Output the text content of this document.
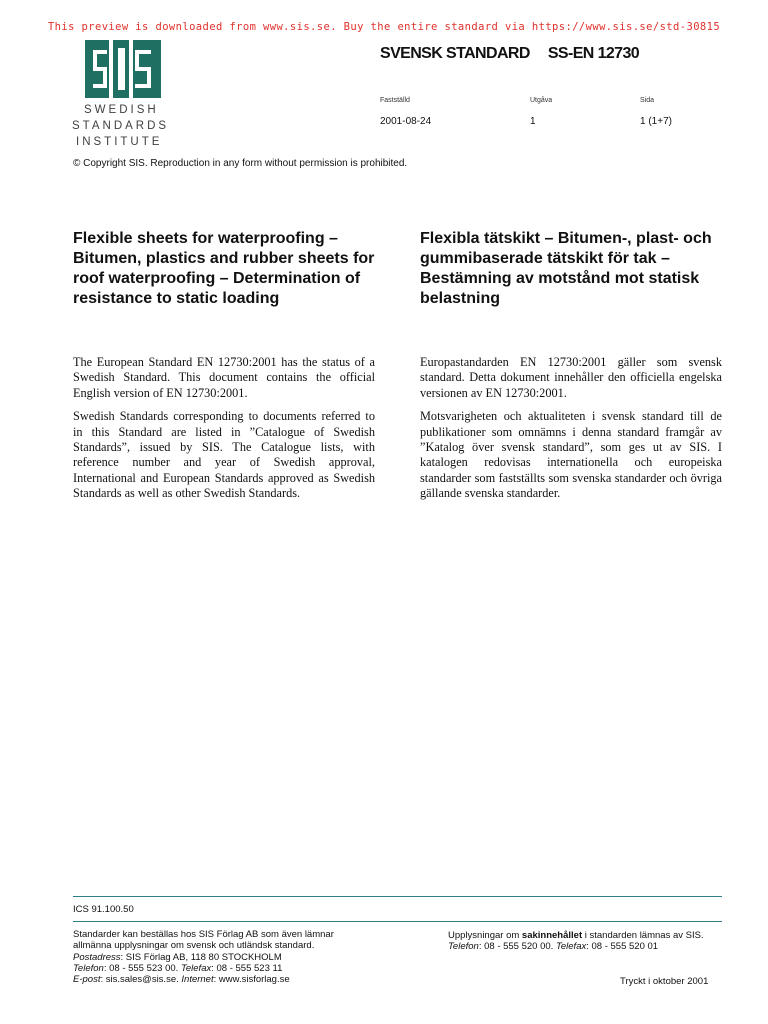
This preview is downloaded from www.sis.se. Buy the entire standard via https://www.sis.se/std-30815
SWEDISH
STANDARDS
INSTITUTE
SVENSK STANDARD SS-EN 12730
Fastställd
2001-08-24
Utgåva
1
Sida
1 (1+7)
© Copyright SIS. Reproduction in any form without permission is prohibited.
Flexible sheets for waterproofing – Bitumen, plastics and rubber sheets for roof waterproofing – Determination of resistance to static loading
Flexibla tätskikt – Bitumen-, plast- och gummibaserade tätskikt för tak – Bestämning av motstånd mot statisk belastning

The European Standard EN 12730:2001 has the status of a Swedish Standard. This document contains the official English version of EN 12730:2001.

Swedish Standards corresponding to documents referred to in this Standard are listed in ”Catalogue of Swedish Standards”, issued by SIS. The Catalogue lists, with reference number and year of Swedish approval, International and European Standards approved as Swedish Standards as well as other Swedish Standards.

Europastandarden EN 12730:2001 gäller som svensk standard. Detta dokument innehåller den officiella engelska versionen av EN 12730:2001.

Motsvarigheten och aktualiteten i svensk standard till de publikationer som omnämns i denna standard framgår av ”Katalog över svensk standard”, som ges ut av SIS. I katalogen redovisas internationella och europeiska standarder som fastställts som svenska standarder och övriga gällande svenska standarder.

ICS 91.100.50
Standarder kan beställas hos SIS Förlag AB som även lämnar
allmänna upplysningar om svensk och utländsk standard.
Postadress: SIS Förlag AB, 118 80 STOCKHOLM
Telefon: 08 - 555 523 00. Telefax: 08 - 555 523 11
E-post: sis.sales@sis.se. Internet: www.sisforlag.se
Upplysningar om sakinnehållet i standarden lämnas av SIS.
Telefon: 08 - 555 520 00. Telefax: 08 - 555 520 01
Tryckt i oktober 2001
